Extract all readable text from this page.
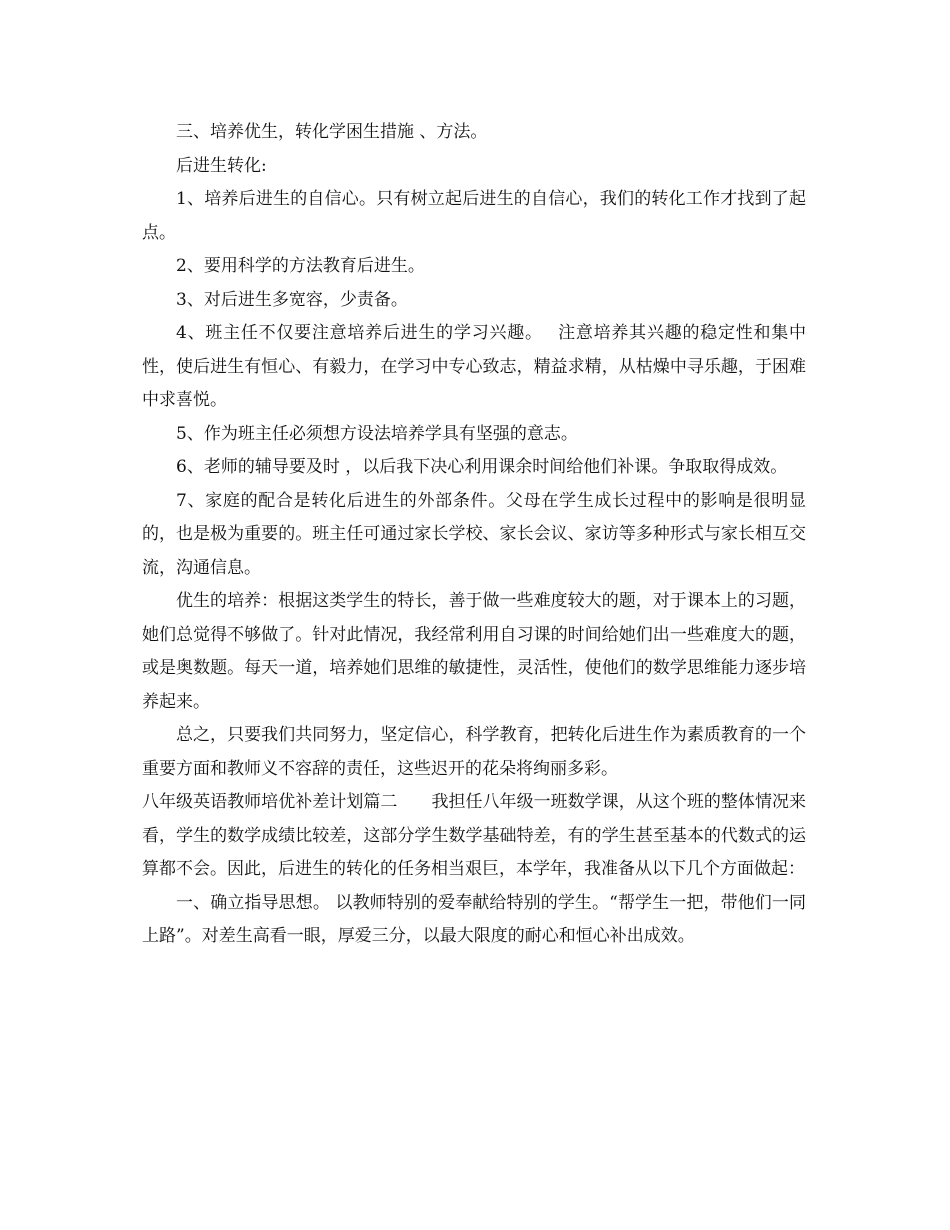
三、培养优生，转化学困生措施 、方法。

后进生转化:

1、培养后进生的自信心。只有树立起后进生的自信心，我们的转化工作才找到了起点。

2、要用科学的方法教育后进生。

3、对后进生多宽容，少责备。

4、班主任不仅要注意培养后进生的学习兴趣。　 注意培养其兴趣的稳定性和集中性，使后进生有恒心、有毅力，在学习中专心致志，精益求精，从枯燥中寻乐趣，于困难中求喜悦。

5、作为班主任必须想方设法培养学具有坚强的意志。

6、老师的辅导要及时 ，以后我下决心利用课余时间给他们补课。争取取得成效。

7、家庭的配合是转化后进生的外部条件。父母在学生成长过程中的影响是很明显的，也是极为重要的。班主任可通过家长学校、家长会议、家访等多种形式与家长相互交流，沟通信息。

优生的培养：根据这类学生的特长，善于做一些难度较大的题，对于课本上的习题，她们总觉得不够做了。针对此情况，我经常利用自习课的时间给她们出一些难度大的题，或是奥数题。每天一道，培养她们思维的敏捷性，灵活性，使他们的数学思维能力逐步培养起来。

总之，只要我们共同努力，坚定信心，科学教育，把转化后进生作为素质教育的一个重要方面和教师义不容辞的责任，这些迟开的花朵将绚丽多彩。

八年级英语教师培优补差计划篇二　　我担任八年级一班数学课，从这个班的整体情况来看，学生的数学成绩比较差，这部分学生数学基础特差，有的学生甚至基本的代数式的运算都不会。因此，后进生的转化的任务相当艰巨，本学年，我准备从以下几个方面做起：

一、确立指导思想。 以教师特别的爱奉献给特别的学生。“帮学生一把，带他们一同上路”。对差生高看一眼，厚爱三分，以最大限度的耐心和恒心补出成效。
